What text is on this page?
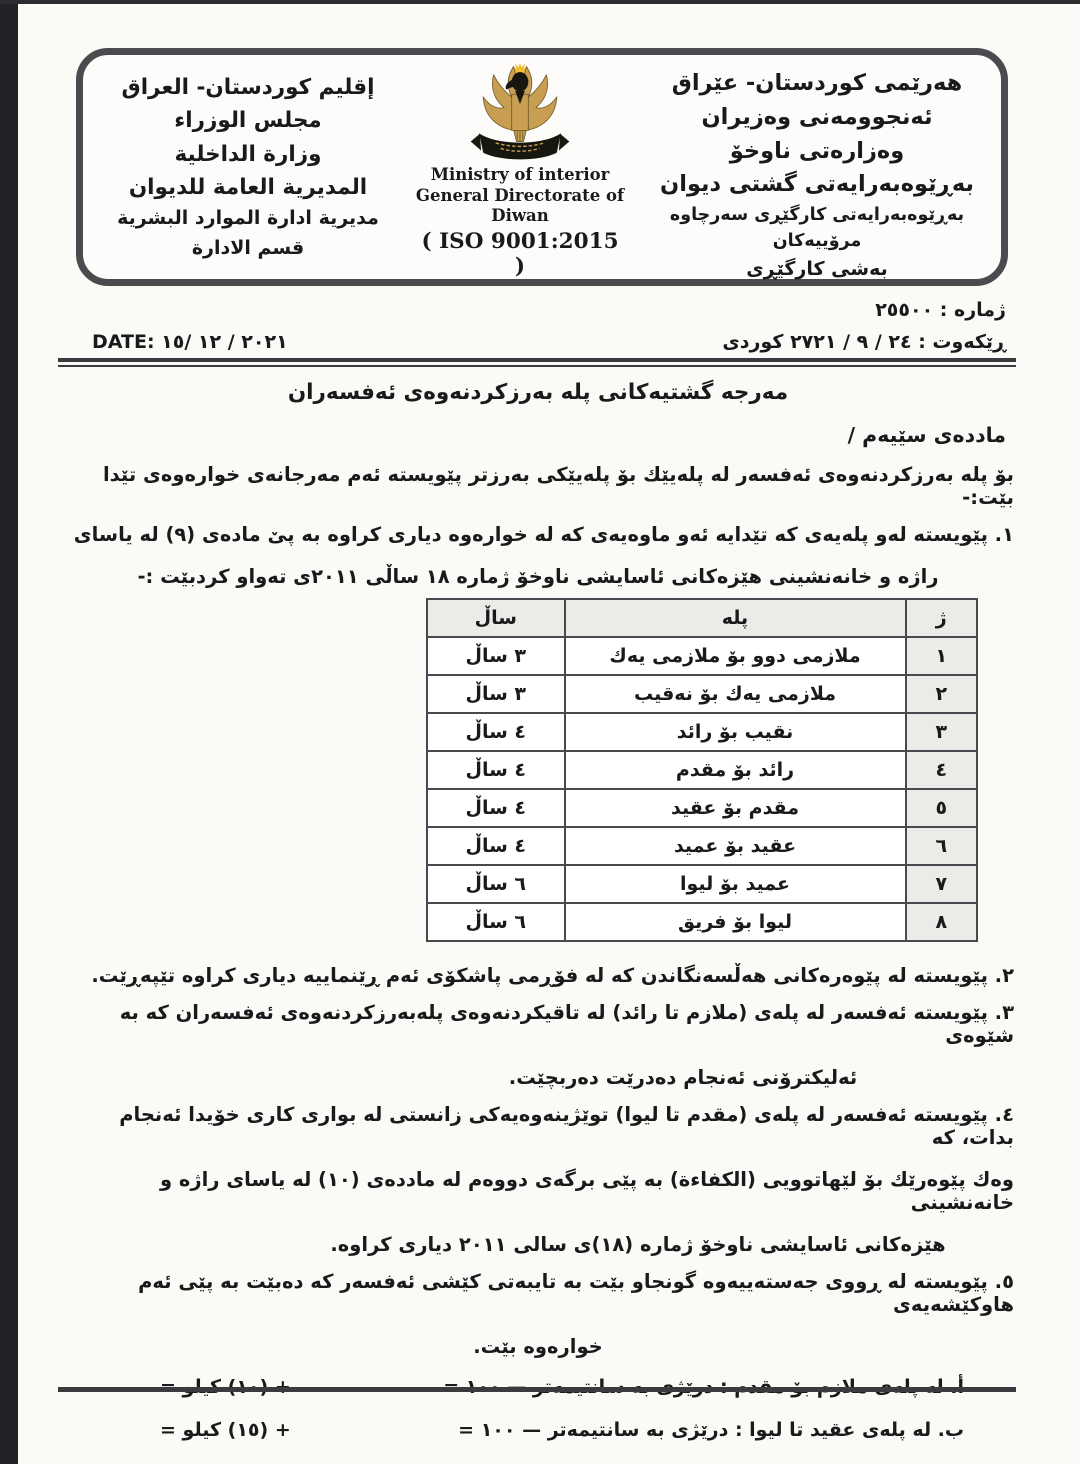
إقليم كوردستان- العراق
مجلس الوزراء
وزارة الداخلية
المديرية العامة للديوان
مديرية ادارة الموارد البشرية
قسم الادارة
Ministry of interior
General Directorate of Diwan
( ISO 9001:2015 )
هەرێمی کوردستان- عێراق
ئەنجوومەنی وەزیران
وەزارەتی ناوخۆ
بەڕێوەبەرایەتی گشتی دیوان
بەڕێوەبەرایەتی کارگێڕی سەرچاوە مرۆییەکان
بەشی کارگێڕی
ژماره : ٢٥٥٠٠
DATE: ٢٠٢١ / ١٢ /١٥	ڕێکەوت : ٢٤ ‏/ ٩ ‏/ ٢٧٢١ کوردی
مەرجە گشتیەکانی پلە بەرزکردنەوەی ئەفسەران
ماددەی سێیەم /
بۆ پلە بەرزکردنەوەی ئەفسەر لە پلەیێك بۆ پلەیێکی بەرزتر پێویستە ئەم مەرجانەی خوارەوەی تێدا بێت:-
١. پێویستە لەو پلەیەی کە تێدایە ئەو ماوەیەی کە لە خوارەوە دیاری کراوە بە پێ مادەی (٩) لە یاسای
راژە و خانەنشینی هێزەکانی ئاسایشی ناوخۆ ژماره ١٨ ساڵی ٢٠١١ی تەواو کردبێت :-
ژ	پله	ساڵ
١	ملازمی دوو بۆ ملازمی یەك	٣ ساڵ
٢	ملازمی یەك بۆ نەقیب	٣ ساڵ
٣	نقیب بۆ رائد	٤ ساڵ
٤	رائد بۆ مقدم	٤ ساڵ
٥	مقدم بۆ عقید	٤ ساڵ
٦	عقید بۆ عمید	٤ ساڵ
٧	عمید بۆ لیوا	٦ ساڵ
٨	لیوا بۆ فریق	٦ ساڵ
٢. پێویستە لە پێوەرەکانی هەڵسەنگاندن کە لە فۆڕمی پاشکۆی ئەم ڕێنماییە دیاری کراوە تێپەڕێت.
٣. پێویستە ئەفسەر لە پلەی (ملازم تا رائد) لە تاقیکردنەوەی پلەبەرزکردنەوەی ئەفسەران کە بە شێوەی
ئەلیکترۆنی ئەنجام دەدرێت دەربچێت.
٤. پێویستە ئەفسەر لە پلەی (مقدم تا لیوا) توێژینەوەیەکی زانستی لە بواری کاری خۆیدا ئەنجام بدات، کە
وەك پێوەرێك بۆ لێهاتوویی (الكفاءة) بە پێی برگەی دووەم لە ماددەی (١٠) لە یاسای راژە و خانەنشینی
هێزەکانی ئاسایشی ناوخۆ ژماره (١٨)ی سالی ٢٠١١ دیاری کراوە.
٥. پێویستە لە ڕووی جەستەییەوە گونجاو بێت بە تایبەتی کێشی ئەفسەر کە دەبێت بە پێی ئەم هاوکێشەیەی
خوارەوە بێت.
أ. لە پلەی ملازم بۆ مقدم : درێژی بە سانتیمەتر — ١٠٠ =
+ (١٠) کیلو =
ب. لە پلەی عقید تا لیوا : درێژی بە سانتیمەتر — ١٠٠ =
+ (١٥) کیلو =
